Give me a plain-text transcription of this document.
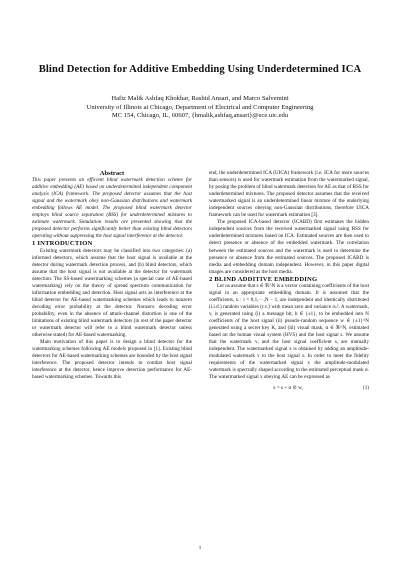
Blind Detection for Additive Embedding Using Underdetermined ICA
Hafiz Malik Ashfaq Khokhar, Rashid Ansari, and Marco Salvemini
University of Illinois at Chicago, Department of Electrical and Computer Engineering
MC 154, Chicago, IL, 60607, {hmalik,ashfaq,ansari}@ece.uic.edu

Abstract

This paper presents an efficient blind watermark detection scheme for additive embedding (AE) based on underdetermined independent component analysis (ICA) framework. The proposed detector assumes that the host signal and the watermark obey non-Gaussian distributions and watermark embedding follows AE model. The proposed blind watermark detector employs blind source separation (BSS) for underdetermined mixtures to estimate watermark. Simulation results are presented showing that the proposed detector performs significantly better than existing blind detectors operating without suppressing the host signal interference at the detector.

1 INTRODUCTION

Existing watermark detectors may be classified into two categories: (a) informed detectors, which assume that the host signal is available at the detector during watermark detection process, and (b) blind detectors, which assume that the host signal is not available at the detector for watermark detection. The SS-based watermarking schemes (a special case of AE-based watermarking) rely on the theory of spread spectrum communication for information embedding and detection. Host signal acts as interference at the blind detector for AE-based watermarking schemes which leads to nonzero decoding error probability at the detector. Nonzero decoding error probability, even in the absence of attack-channel distortion is one of the limitations of existing blind watermark detectors (in rest of the paper detector or watermark detector will refer to a blind watermark detector unless otherwise stated) for AE-based watermarking.

Main motivation of this paper is to design a blind detector for the watermarking schemes following AE models proposed in [1]. Existing blind detectors for AE-based watermarking schemes are bounded by the host signal interference. The proposed detector intends to combat host signal interference at the detector, hence improve detection performance for AE-based watermarking schemes. Towards this

end, the underdetermined ICA (UICA) framework (i.e. ICA for more sources than sensors) is used for watermark estimation from the watermarked signal, by posing the problem of blind watermark detection for AE as that of BSS for underdetermined mixtures. The proposed detector assumes that the received watermarked signal is an underdetermined linear mixture of the underlying independent sources obeying non-Gaussian distributions, therefore UICA framework can be used for watermark estimation [3].

The proposed ICA-based detector (ICABD) first estimates the hidden independent sources from the received watermarked signal using BSS for underdetermined mixtures based on ICA. Estimated sources are then used to detect presence or absence of the embedded watermark. The correlation between the estimated sources and the watermark is used to determine the presence or absence from the estimated sources. The proposed ICABD is media and embedding domain independent. However, in this paper digital images are considered as the host media.

2 BLIND ADDITIVE EMBEDDING

Let us assume that s ∈ ℜ^N is a vector containing coefficients of the host signal in an appropriate embedding domain. It is assumed that the coefficients, sᵢ : i = 0,1,···,N − 1, are independent and identically distributed (i.i.d.) random variables (r.v.) with mean zero and variance σₛ². A watermark, v, is generated using (i) a message bit, b ∈ {±1}, to be embedded into N coefficients of the host signal (ii) pseudo-random sequence w ∈ {±1}^N generated using a secret key K, and (iii) visual mask, α ∈ ℜ^N, estimated based on the human visual system (HVS) and the host signal s. We assume that the watermark vᵢ and the host signal coefficient sᵢ are mutually independent. The watermarked signal x is obtained by adding an amplitude-modulated watermark v to the host signal s. In order to meet the fidelity requirements of the watermarked signal x the amplitude-modulated watermark is spectrally shaped according to the estimated perceptual mask α. The watermarked signal x obeying AE can be expressed as

x = s + α ⊙ w,	(1)
1
